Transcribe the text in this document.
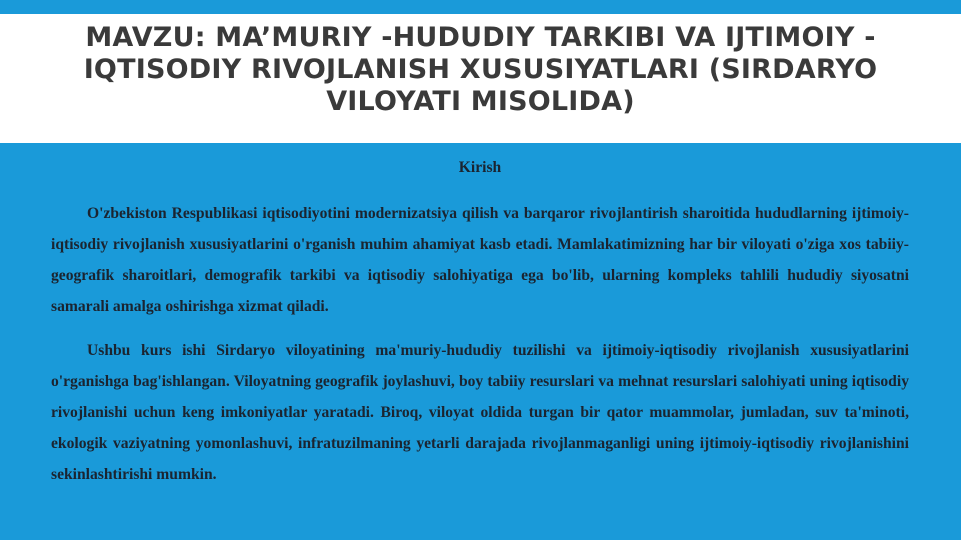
MAVZU: MA’MURIY -HUDUDIY TARKIBI VA IJTIMOIY -IQTISODIY RIVOJLANISH XUSUSIYATLARI (SIRDARYO VILOYATI MISOLIDA)
Kirish
O'zbekiston Respublikasi iqtisodiyotini modernizatsiya qilish va barqaror rivojlantirish sharoitida hududlarning ijtimoiy-iqtisodiy rivojlanish xususiyatlarini o'rganish muhim ahamiyat kasb etadi. Mamlakatimizning har bir viloyati o'ziga xos tabiiy-geografik sharoitlari, demografik tarkibi va iqtisodiy salohiyatiga ega bo'lib, ularning kompleks tahlili hududiy siyosatni samarali amalga oshirishga xizmat qiladi.
Ushbu kurs ishi Sirdaryo viloyatining ma'muriy-hududiy tuzilishi va ijtimoiy-iqtisodiy rivojlanish xususiyatlarini o'rganishga bag'ishlangan. Viloyatning geografik joylashuvi, boy tabiiy resurslari va mehnat resurslari salohiyati uning iqtisodiy rivojlanishi uchun keng imkoniyatlar yaratadi. Biroq, viloyat oldida turgan bir qator muammolar, jumladan, suv ta'minoti, ekologik vaziyatning yomonlashuvi, infratuzilmaning yetarli darajada rivojlanmaganligi uning ijtimoiy-iqtisodiy rivojlanishini sekinlashtirishi mumkin.
